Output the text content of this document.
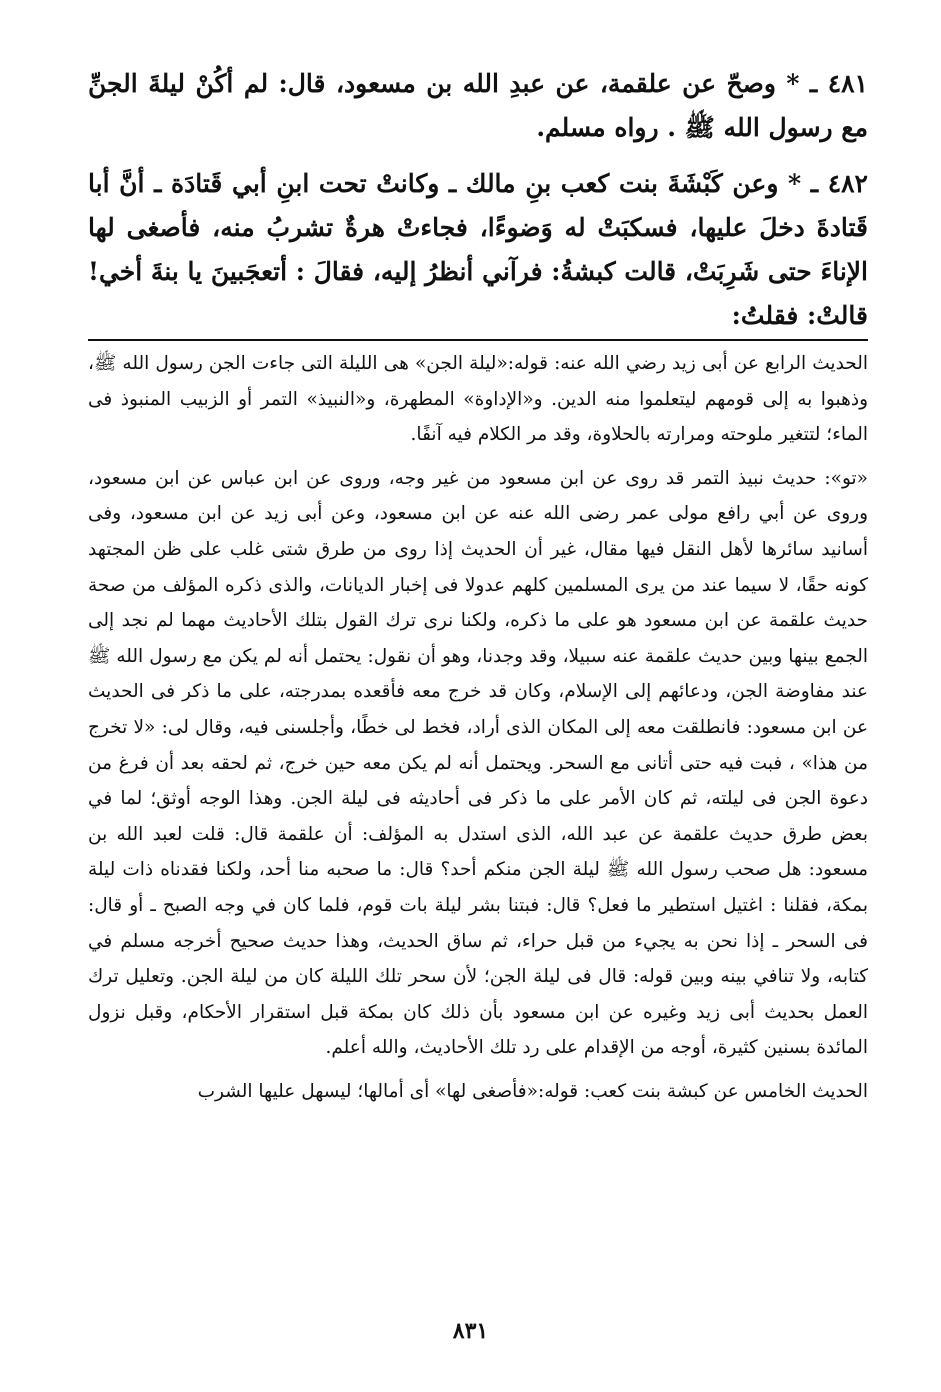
٤٨١ ـ * وصحّ عن علقمة، عن عبدِ الله بن مسعود، قال: لم أكُنْ ليلةَ الجنِّ مع رسول الله ﷺ . رواه مسلم.

٤٨٢ ـ * وعن كَبْشَةَ بنت كعب بنِ مالك ـ وكانتْ تحت ابنِ أبي قَتادَة ـ أنَّ أبا قَتادةَ دخلَ عليها، فسكبَتْ له وَضوءًا، فجاءتْ هرةٌ تشربُ منه، فأصغى لها الإناءَ حتى شَرِبَتْ، قالت كبشةُ: فرآني أنظرُ إليه، فقالَ : أتعجَبينَ يا بنةَ أخي! قالتْ: فقلتُ:

الحديث الرابع عن أبى زيد رضي الله عنه: قوله:«ليلة الجن» هى الليلة التى جاءت الجن رسول الله ﷺ، وذهبوا به إلى قومهم ليتعلموا منه الدين. و«الإداوة» المطهرة، و«النبيذ» التمر أو الزبيب المنبوذ فى الماء؛ لتتغير ملوحته ومرارته بالحلاوة، وقد مر الكلام فيه آنفًا.

«تو»: حديث نبيذ التمر قد روى عن ابن مسعود من غير وجه، وروى عن ابن عباس عن ابن مسعود، وروى عن أبي رافع مولى عمر رضى الله عنه عن ابن مسعود، وعن أبى زيد عن ابن مسعود، وفى أسانيد سائرها لأهل النقل فيها مقال، غير أن الحديث إذا روى من طرق شتى غلب على ظن المجتهد كونه حقًا، لا سيما عند من يرى المسلمين كلهم عدولا فى إخبار الديانات، والذى ذكره المؤلف من صحة حديث علقمة عن ابن مسعود هو على ما ذكره، ولكنا نرى ترك القول بتلك الأحاديث مهما لم نجد إلى الجمع بينها وبين حديث علقمة عنه سبيلا، وقد وجدنا، وهو أن نقول: يحتمل أنه لم يكن مع رسول الله ﷺ عند مفاوضة الجن، ودعائهم إلى الإسلام، وكان قد خرج معه فأقعده بمدرجته، على ما ذكر فى الحديث عن ابن مسعود: فانطلقت معه إلى المكان الذى أراد، فخط لى خطًا، وأجلسنى فيه، وقال لى: «لا تخرج من هذا» ، فبت فيه حتى أتانى مع السحر. ويحتمل أنه لم يكن معه حين خرج، ثم لحقه بعد أن فرغ من دعوة الجن فى ليلته، ثم كان الأمر على ما ذكر فى أحاديثه فى ليلة الجن. وهذا الوجه أوثق؛ لما في بعض طرق حديث علقمة عن عبد الله، الذى استدل به المؤلف: أن علقمة قال: قلت لعبد الله بن مسعود: هل صحب رسول الله ﷺ ليلة الجن منكم أحد؟ قال: ما صحبه منا أحد، ولكنا فقدناه ذات ليلة بمكة، فقلنا : اغتيل استطير ما فعل؟ قال: فبتنا بشر ليلة بات قوم، فلما كان في وجه الصبح ـ أو قال: فى السحر ـ إذا نحن به يجيء من قبل حراء، ثم ساق الحديث، وهذا حديث صحيح أخرجه مسلم في كتابه، ولا تنافي بينه وبين قوله: قال فى ليلة الجن؛ لأن سحر تلك الليلة كان من ليلة الجن. وتعليل ترك العمل بحديث أبى زيد وغيره عن ابن مسعود بأن ذلك كان بمكة قبل استقرار الأحكام، وقبل نزول المائدة بسنين كثيرة، أوجه من الإقدام على رد تلك الأحاديث، والله أعلم.

الحديث الخامس عن كبشة بنت كعب: قوله:«فأصغى لها» أى أمالها؛ ليسهل عليها الشرب

٨٣١
